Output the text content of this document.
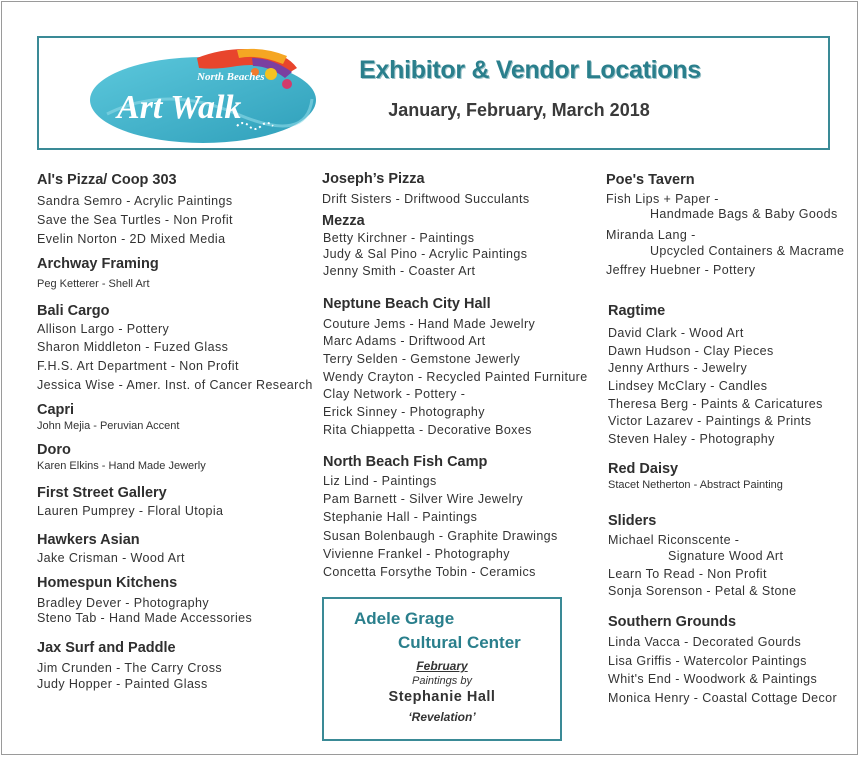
North Beaches
Art Walk
Exhibitor & Vendor Locations
January, February, March 2018
Al's Pizza/ Coop 303
Sandra Semro - Acrylic Paintings
Save the Sea Turtles - Non Profit
Evelin Norton - 2D Mixed Media
Archway Framing
Peg Ketterer - Shell Art
Bali Cargo
Allison Largo - Pottery
Sharon Middleton - Fuzed Glass
F.H.S. Art Department - Non Profit
Jessica Wise - Amer. Inst. of Cancer Research
Capri
John Mejia - Peruvian Accent
Doro
Karen Elkins - Hand Made Jewerly
First Street Gallery
Lauren Pumprey - Floral Utopia
Hawkers Asian
Jake Crisman - Wood Art
Homespun Kitchens
Bradley Dever - Photography
Steno Tab - Hand Made Accessories
Jax Surf and Paddle
Jim Crunden - The Carry Cross
Judy Hopper - Painted Glass
Joseph’s Pizza
Drift Sisters - Driftwood Succulants
Mezza
Betty Kirchner - Paintings
Judy & Sal Pino - Acrylic Paintings
Jenny Smith - Coaster Art
Neptune Beach City Hall
Couture Jems - Hand Made Jewelry
Marc Adams - Driftwood Art
Terry Selden - Gemstone Jewerly
Wendy Crayton - Recycled Painted Furniture
Clay Network - Pottery -
Erick Sinney - Photography
Rita Chiappetta - Decorative Boxes
North Beach Fish Camp
Liz Lind - Paintings
Pam Barnett - Silver Wire Jewelry
Stephanie Hall - Paintings
Susan Bolenbaugh - Graphite Drawings
Vivienne Frankel - Photography
Concetta Forsythe Tobin - Ceramics
Adele Grage
Cultural Center
February
Paintings by
Stephanie Hall
‘Revelation’
Poe's Tavern
Fish Lips + Paper -
Handmade Bags & Baby Goods
Miranda Lang -
Upcycled Containers & Macrame
Jeffrey Huebner - Pottery
Ragtime
David Clark - Wood Art
Dawn Hudson - Clay Pieces
Jenny Arthurs - Jewelry
Lindsey McClary - Candles
Theresa Berg - Paints & Caricatures
Victor Lazarev - Paintings & Prints
Steven Haley - Photography
Red Daisy
Stacet Netherton - Abstract Painting
Sliders
Michael Riconscente -
Signature Wood Art
Learn To Read - Non Profit
Sonja Sorenson - Petal & Stone
Southern Grounds
Linda Vacca - Decorated Gourds
Lisa Griffis - Watercolor Paintings
Whit's End - Woodwork & Paintings
Monica Henry - Coastal Cottage Decor
